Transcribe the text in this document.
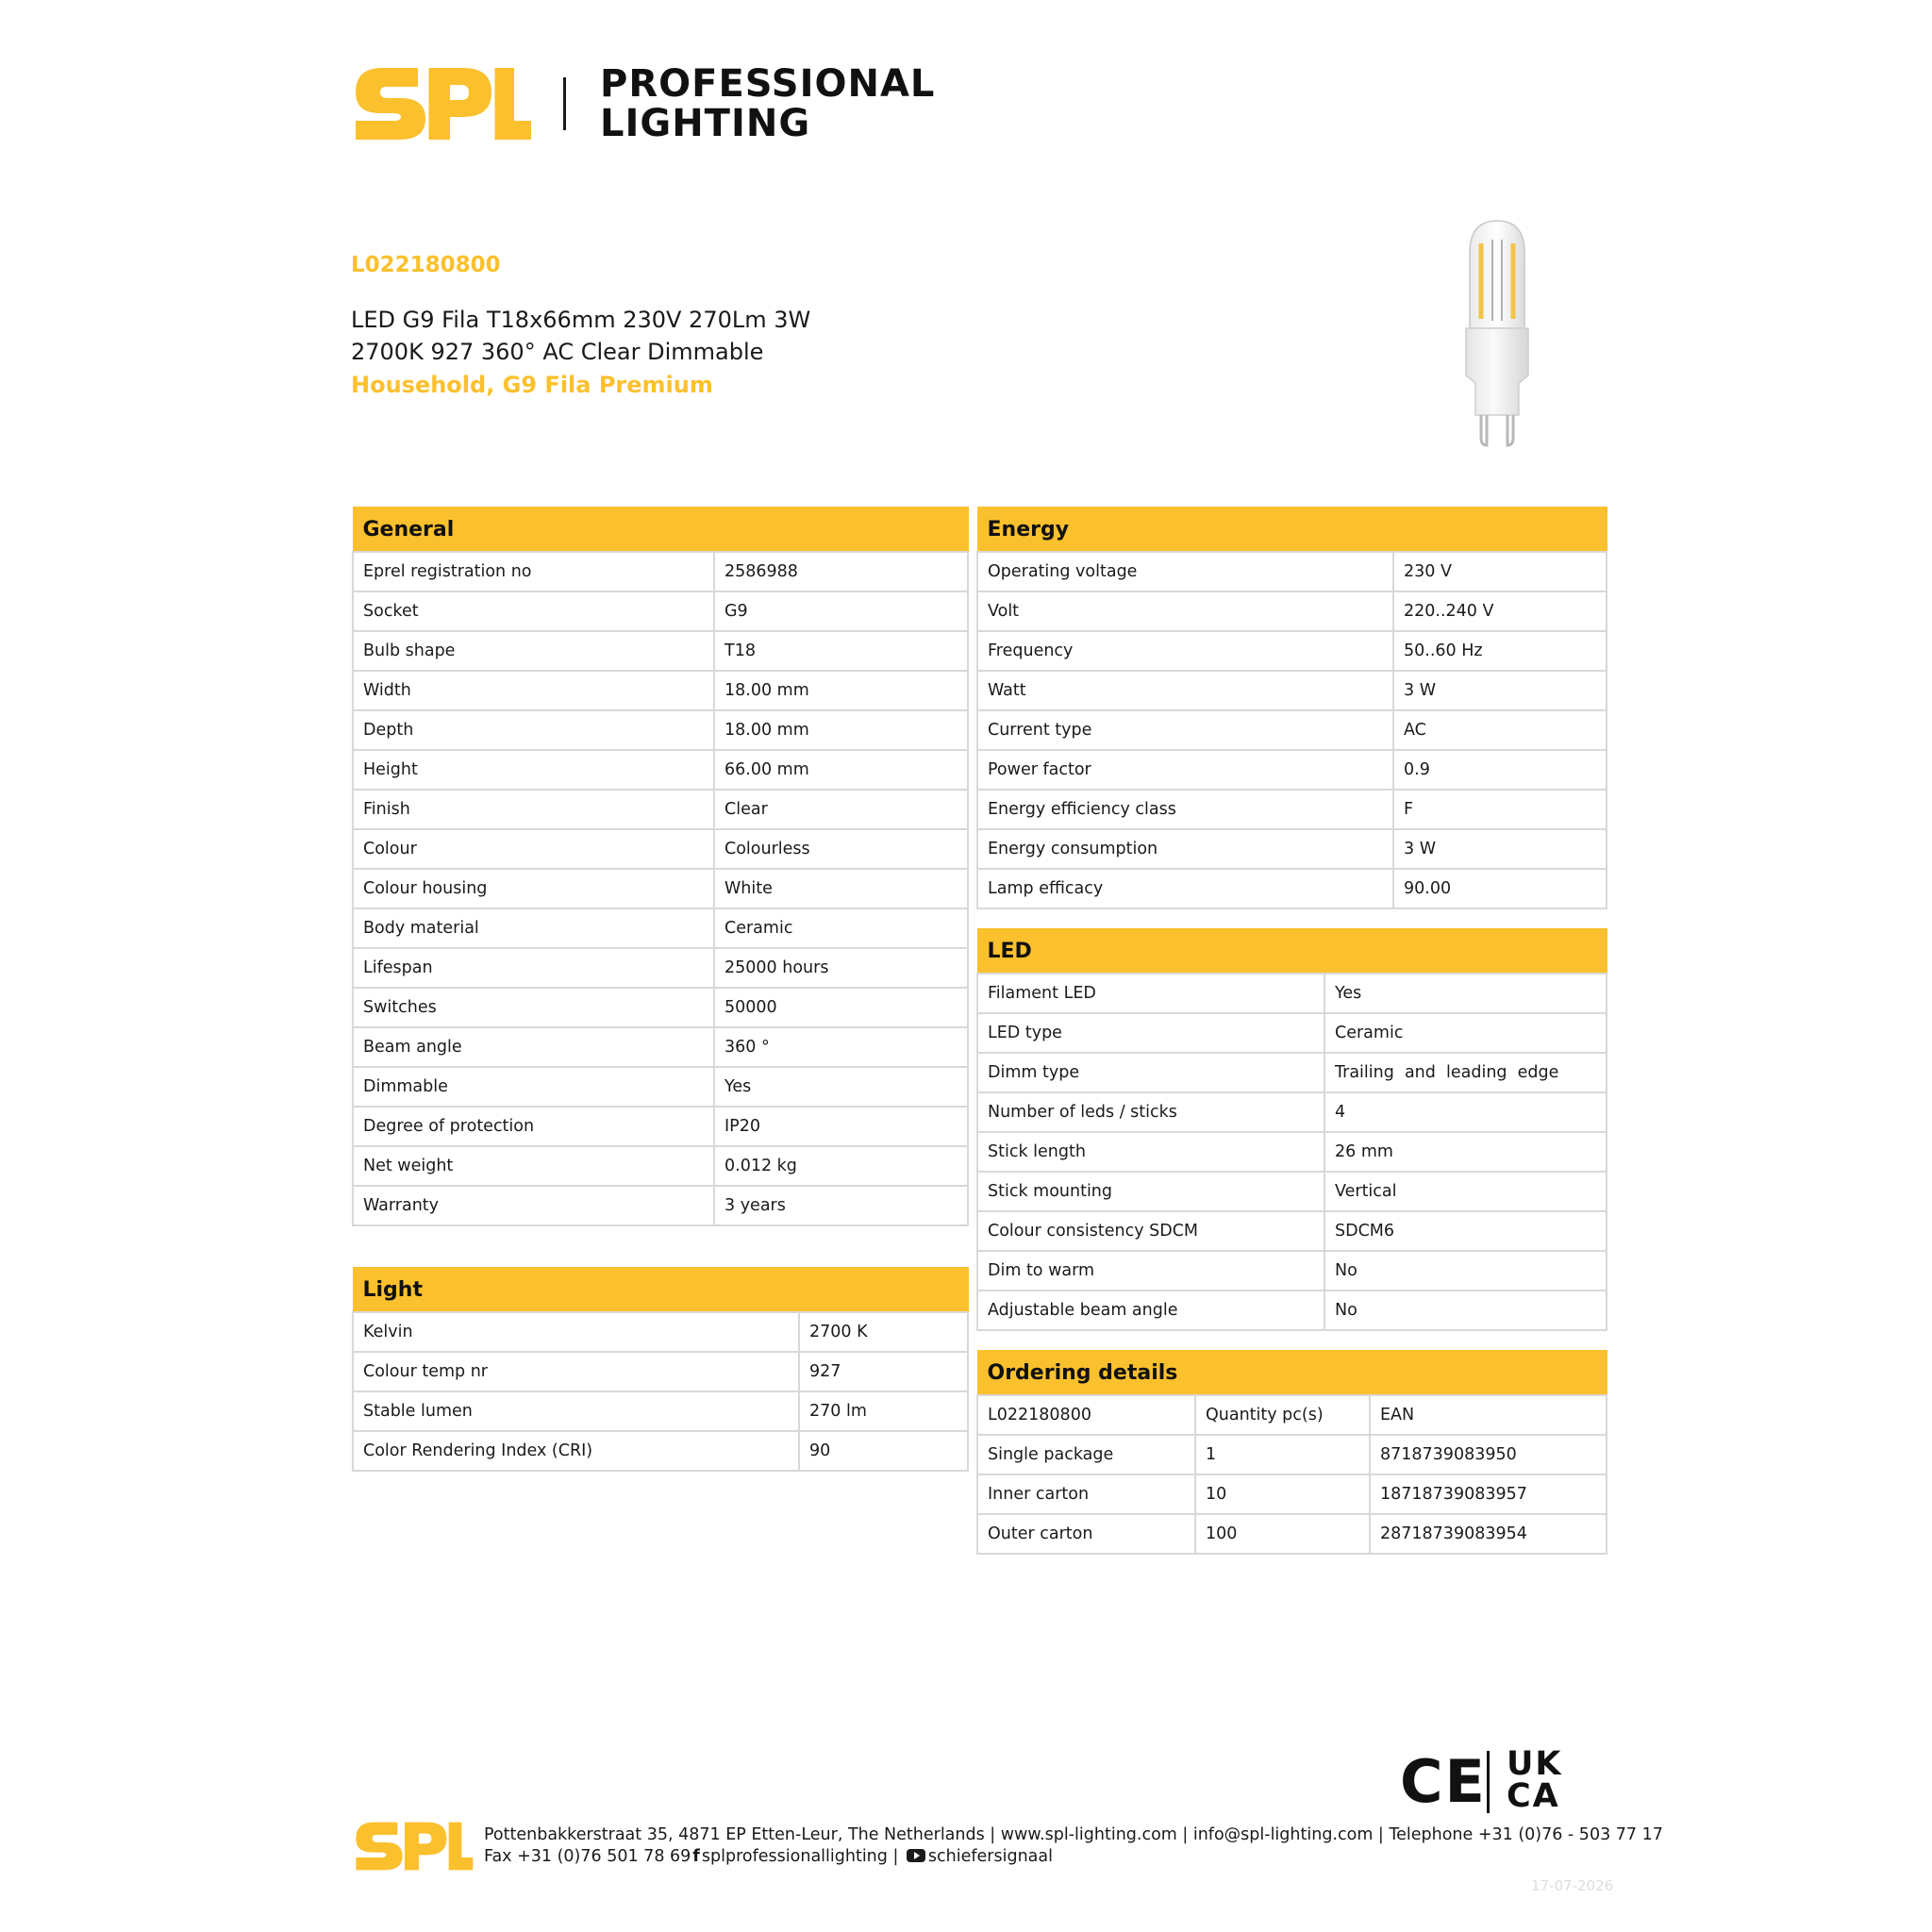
PROFESSIONAL
LIGHTING
L022180800
LED G9 Fila T18x66mm 230V 270Lm 3W
2700K 927 360° AC Clear Dimmable
Household, G9 Fila Premium
General	
Eprel registration no	2586988
Socket	G9
Bulb shape	T18
Width	18.00 mm
Depth	18.00 mm
Height	66.00 mm
Finish	Clear
Colour	Colourless
Colour housing	White
Body material	Ceramic
Lifespan	25000 hours
Switches	50000
Beam angle	360 °
Dimmable	Yes
Degree of protection	IP20
Net weight	0.012 kg
Warranty	3 years
Light	
Kelvin	2700 K
Colour temp nr	927
Stable lumen	270 lm
Color Rendering Index (CRI)	90
Energy	
Operating voltage	230 V
Volt	220..240 V
Frequency	50..60 Hz
Watt	3 W
Current type	AC
Power factor	0.9
Energy efficiency class	F
Energy consumption	3 W
Lamp efficacy	90.00
LED	
Filament LED	Yes
LED type	Ceramic
Dimm type	Trailing  and  leading  edge
Number of leds / sticks	4
Stick length	26 mm
Stick mounting	Vertical
Colour consistency SDCM	SDCM6
Dim to warm	No
Adjustable beam angle	No
Ordering details		
L022180800	Quantity pc(s)	EAN
Single package	1	8718739083950
Inner carton	10	18718739083957
Outer carton	100	28718739083954
CE UK
CA
Pottenbakkerstraat 35, 4871 EP Etten-Leur, The Netherlands | www.spl-lighting.com | info@spl-lighting.com | Telephone +31 (0)76 - 503 77 17
Fax +31 (0)76 501 78 69 f splprofessionallighting | schiefersignaal
17-07-2026
